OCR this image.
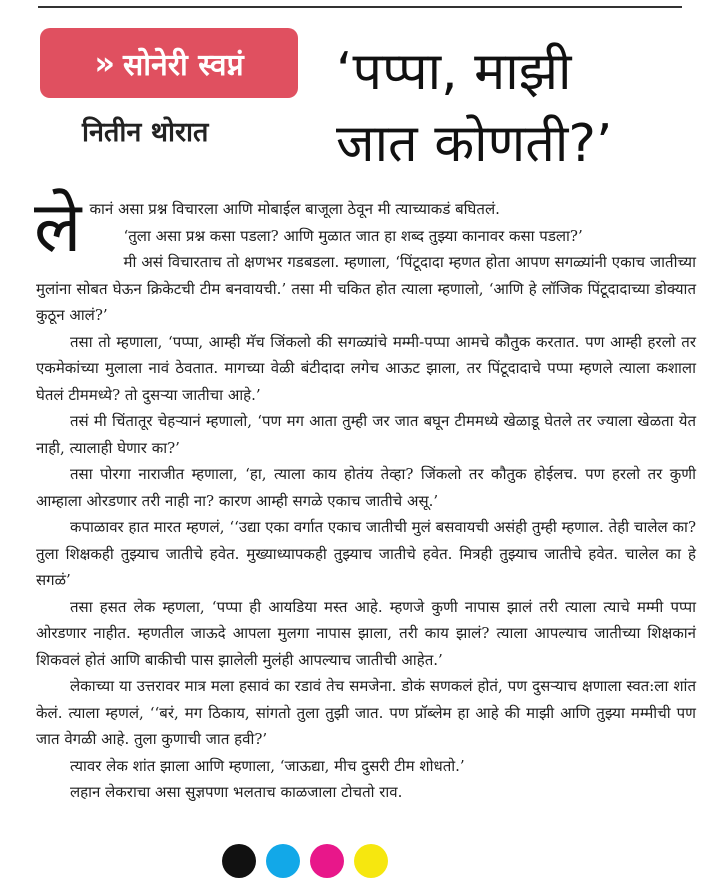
» सोनेरी स्वप्नं
नितीन थोरात
‘पप्पा, माझी
जात कोणती?’

ले कानं असा प्रश्न विचारला आणि मोबाईल बाजूला ठेवून मी त्याच्याकडं बघितलं.

‘तुला असा प्रश्न कसा पडला? आणि मुळात जात हा शब्द तुझ्या कानावर कसा पडला?’

मी असं विचारताच तो क्षणभर गडबडला. म्हणाला, ‘पिंटूदादा म्हणत होता आपण सगळ्यांनी एकाच जातीच्या मुलांना सोबत घेऊन क्रिकेटची टीम बनवायची.’ तसा मी चकित होत त्याला म्हणालो, ‘आणि हे लॉजिक पिंटूदादाच्या डोक्यात कुठून आलं?’

तसा तो म्हणाला, ‘पप्पा, आम्ही मॅच जिंकलो की सगळ्यांचे मम्मी-पप्पा आमचे कौतुक करतात. पण आम्ही हरलो तर एकमेकांच्या मुलाला नावं ठेवतात. मागच्या वेळी बंटीदादा लगेच आऊट झाला, तर पिंटूदादाचे पप्पा म्हणले त्याला कशाला घेतलं टीममध्ये? तो दुसऱ्या जातीचा आहे.’

तसं मी चिंतातूर चेहऱ्यानं म्हणालो, ‘पण मग आता तुम्ही जर जात बघून टीममध्ये खेळाडू घेतले तर ज्याला खेळता येत नाही, त्यालाही घेणार का?’

तसा पोरगा नाराजीत म्हणाला, ‘हा, त्याला काय होतंय तेव्हा? जिंकलो तर कौतुक होईलच. पण हरलो तर कुणी आम्हाला ओरडणार तरी नाही ना? कारण आम्ही सगळे एकाच जातीचे असू.’

कपाळावर हात मारत म्हणलं, ‘‘उद्या एका वर्गात एकाच जातीची मुलं बसवायची असंही तुम्ही म्हणाल. तेही चालेल का? तुला शिक्षकही तुझ्याच जातीचे हवेत. मुख्याध्यापकही तुझ्याच जातीचे हवेत. मित्रही तुझ्याच जातीचे हवेत. चालेल का हे सगळं’

तसा हसत लेक म्हणला, ‘पप्पा ही आयडिया मस्त आहे. म्हणजे कुणी नापास झालं तरी त्याला त्याचे मम्मी पप्पा ओरडणार नाहीत. म्हणतील जाऊदे आपला मुलगा नापास झाला, तरी काय झालं? त्याला आपल्याच जातीच्या शिक्षकानं शिकवलं होतं आणि बाकीची पास झालेली मुलंही आपल्याच जातीची आहेत.’

लेकाच्या या उत्तरावर मात्र मला हसावं का रडावं तेच समजेना. डोकं सणकलं होतं, पण दुसऱ्याच क्षणाला स्वत:ला शांत केलं. त्याला म्हणलं, ‘‘बरं, मग ठिकाय, सांगतो तुला तुझी जात. पण प्रॉब्लेम हा आहे की माझी आणि तुझ्या मम्मीची पण जात वेगळी आहे. तुला कुणाची जात हवी?’

त्यावर लेक शांत झाला आणि म्हणाला, ‘जाऊद्या, मीच दुसरी टीम शोधतो.’

लहान लेकराचा असा सुज्ञपणा भलताच काळजाला टोचतो राव.
